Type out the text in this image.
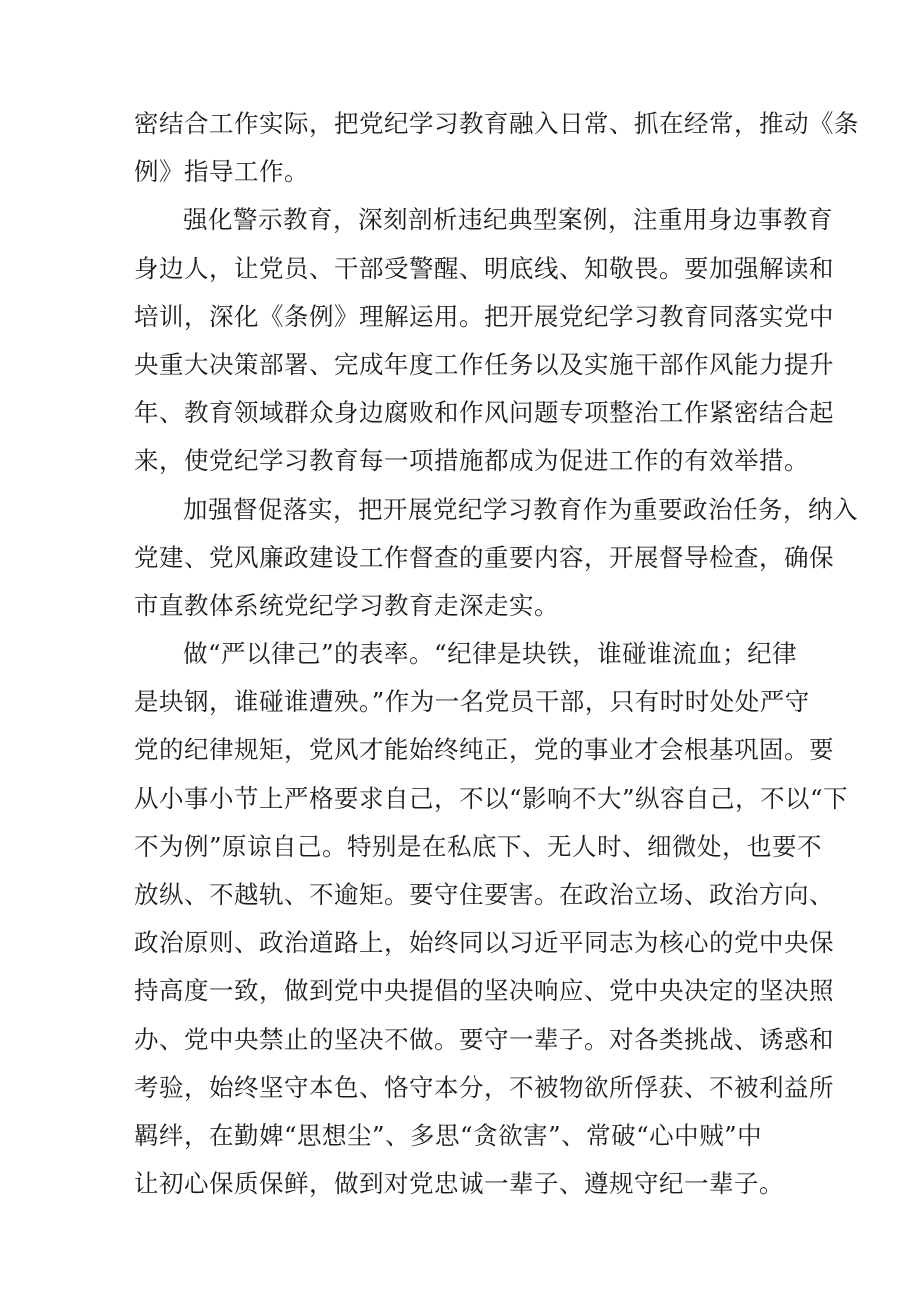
密结合工作实际，把党纪学习教育融入日常、抓在经常，推动《条
例》指导工作。
强化警示教育，深刻剖析违纪典型案例，注重用身边事教育
身边人，让党员、干部受警醒、明底线、知敬畏。要加强解读和
培训，深化《条例》理解运用。把开展党纪学习教育同落实党中
央重大决策部署、完成年度工作任务以及实施干部作风能力提升
年、教育领域群众身边腐败和作风问题专项整治工作紧密结合起
来，使党纪学习教育每一项措施都成为促进工作的有效举措。
加强督促落实，把开展党纪学习教育作为重要政治任务，纳入
党建、党风廉政建设工作督查的重要内容，开展督导检查，确保
市直教体系统党纪学习教育走深走实。
做“严以律己”的表率。“纪律是块铁，谁碰谁流血；纪律
是块钢，谁碰谁遭殃。”作为一名党员干部，只有时时处处严守
党的纪律规矩，党风才能始终纯正，党的事业才会根基巩固。要
从小事小节上严格要求自己，不以“影响不大”纵容自己，不以“下
不为例”原谅自己。特别是在私底下、无人时、细微处，也要不
放纵、不越轨、不逾矩。要守住要害。在政治立场、政治方向、
政治原则、政治道路上，始终同以习近平同志为核心的党中央保
持高度一致，做到党中央提倡的坚决响应、党中央决定的坚决照
办、党中央禁止的坚决不做。要守一辈子。对各类挑战、诱惑和
考验，始终坚守本色、恪守本分，不被物欲所俘获、不被利益所
羁绊，在勤婢“思想尘”、多思“贪欲害”、常破“心中贼”中
让初心保质保鲜，做到对党忠诚一辈子、遵规守纪一辈子。
